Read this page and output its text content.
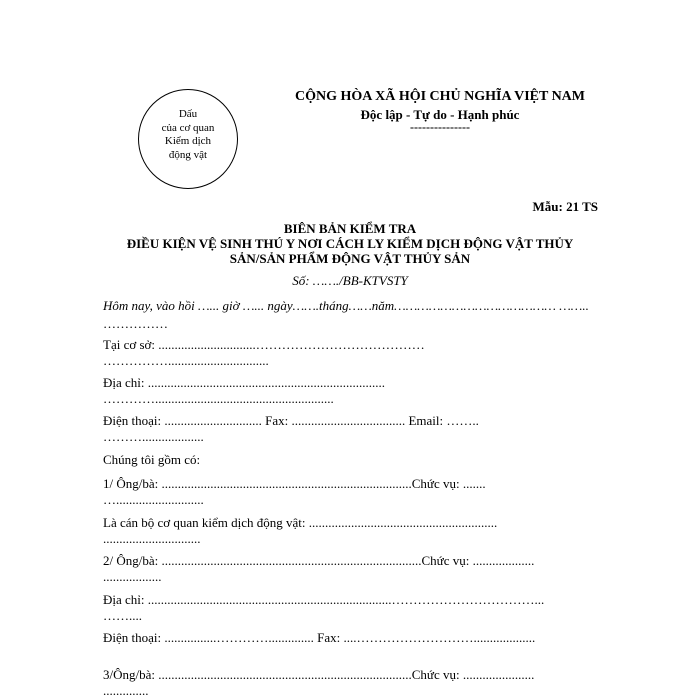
Dấu
của cơ quan
Kiểm dịch
động vật
CỘNG HÒA XÃ HỘI CHỦ NGHĨA VIỆT NAM
Độc lập - Tự do - Hạnh phúc
---------------
Mẫu: 21 TS
BIÊN BẢN KIỂM TRA
ĐIỀU KIỆN VỆ SINH THÚ Y NƠI CÁCH LY KIỂM DỊCH ĐỘNG VẬT THỦY
SẢN/SẢN PHẨM ĐỘNG VẬT THỦY SẢN
Số: ……./BB-KTVSTY
Hôm nay, vào hồi …... giờ …... ngày…….tháng……năm…………………………………… ……..
……………
Tại cơ sở: ..............................…………………………………
……………...............................
Địa chỉ: .........................................................................
………….......................................................
Điện thoại: .............................. Fax: ................................... Email: ……..
………...................
Chúng tôi gồm có:
1/ Ông/bà: .............................................................................Chức vụ: .......
…...........................
Là cán bộ cơ quan kiểm dịch động vật: ..........................................................
..............................
2/ Ông/bà: ................................................................................Chức vụ: ...................
..................
Địa chỉ: ...........................................................................……………………………...
……....
Điện thoại: ................………….............. Fax: ....………………………...................
3/Ông/bà: ..............................................................................Chức vụ: ......................
..............
